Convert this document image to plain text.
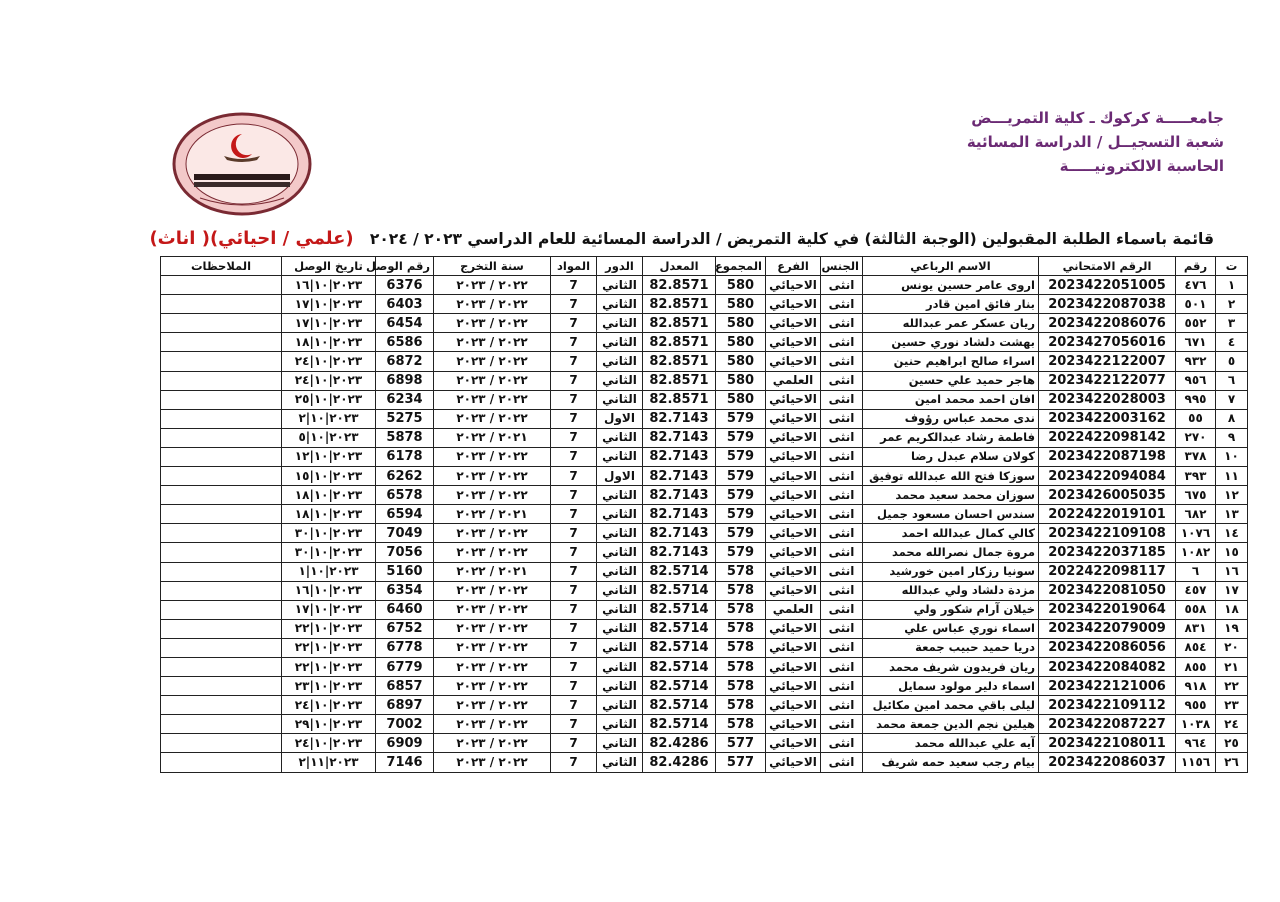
جامعـــــة كركوك ـ كلية التمريـــض
شعبة التسجيــل / الدراسة المسائية
الحاسبة الالكترونيـــــة
قائمة باسماء الطلبة المقبولين (الوجبة الثالثة) في كلية التمريض / الدراسة المسائية للعام الدراسي ٢٠٢٣ / ٢٠٢٤   (علمي / احيائي)( اناث)
ت	رقم	الرقم الامتحاني	الاسم الرباعي	الجنس	الفرع	المجموع	المعدل	الدور	المواد	سنة التخرج	رقم الوصل	تاريخ الوصل	الملاحظات
١	٤٧٦	2023422051005	اروى عامر حسين يونس	انثى	الاحيائي	580	82.8571	الثاني	7	٢٠٢٢ / ٢٠٢٣	6376	٢٠٢٣|١٠|١٦	
٢	٥٠١	2023422087038	بنار فائق امين قادر	انثى	الاحيائي	580	82.8571	الثاني	7	٢٠٢٢ / ٢٠٢٣	6403	٢٠٢٣|١٠|١٧	
٣	٥٥٢	2023422086076	ريان عسكر عمر عبدالله	انثى	الاحيائي	580	82.8571	الثاني	7	٢٠٢٢ / ٢٠٢٣	6454	٢٠٢٣|١٠|١٧	
٤	٦٧١	2023427056016	بهشت دلشاد نوري حسين	انثى	الاحيائي	580	82.8571	الثاني	7	٢٠٢٢ / ٢٠٢٣	6586	٢٠٢٣|١٠|١٨	
٥	٩٣٢	2023422122007	اسراء صالح ابراهيم حنين	انثى	الاحيائي	580	82.8571	الثاني	7	٢٠٢٢ / ٢٠٢٣	6872	٢٠٢٣|١٠|٢٤	
٦	٩٥٦	2023422122077	هاجر حميد علي حسين	انثى	العلمي	580	82.8571	الثاني	7	٢٠٢٢ / ٢٠٢٣	6898	٢٠٢٣|١٠|٢٤	
٧	٩٩٥	2023422028003	افان احمد محمد امين	انثى	الاحيائي	580	82.8571	الثاني	7	٢٠٢٢ / ٢٠٢٣	6234	٢٠٢٣|١٠|٢٥	
٨	٥٥	2023422003162	ندى محمد عباس رؤوف	انثى	الاحيائي	579	82.7143	الاول	7	٢٠٢٢ / ٢٠٢٣	5275	٢٠٢٣|١٠|٢	
٩	٢٧٠	2022422098142	فاطمة رشاد عبدالكريم عمر	انثى	الاحيائي	579	82.7143	الثاني	7	٢٠٢١ / ٢٠٢٢	5878	٢٠٢٣|١٠|٥	
١٠	٣٧٨	2023422087198	كولان سلام عبدل رضا	انثى	الاحيائي	579	82.7143	الثاني	7	٢٠٢٢ / ٢٠٢٣	6178	٢٠٢٣|١٠|١٢	
١١	٣٩٣	2023422094084	سوزكا فتح الله عبدالله توفيق	انثى	الاحيائي	579	82.7143	الاول	7	٢٠٢٢ / ٢٠٢٣	6262	٢٠٢٣|١٠|١٥	
١٢	٦٧٥	2023426005035	سوزان محمد سعيد محمد	انثى	الاحيائي	579	82.7143	الثاني	7	٢٠٢٢ / ٢٠٢٣	6578	٢٠٢٣|١٠|١٨	
١٣	٦٨٢	2022422019101	سندس احسان مسعود جميل	انثى	الاحيائي	579	82.7143	الثاني	7	٢٠٢١ / ٢٠٢٢	6594	٢٠٢٣|١٠|١٨	
١٤	١٠٧٦	2023422109108	كالي كمال عبدالله احمد	انثى	الاحيائي	579	82.7143	الثاني	7	٢٠٢٢ / ٢٠٢٣	7049	٢٠٢٣|١٠|٣٠	
١٥	١٠٨٢	2023422037185	مروة جمال نصرالله محمد	انثى	الاحيائي	579	82.7143	الثاني	7	٢٠٢٢ / ٢٠٢٣	7056	٢٠٢٣|١٠|٣٠	
١٦	٦	2022422098117	سونيا رزكار امين خورشيد	انثى	الاحيائي	578	82.5714	الثاني	7	٢٠٢١ / ٢٠٢٢	5160	٢٠٢٣|١٠|١	
١٧	٤٥٧	2023422081050	مزدة دلشاد ولي عبدالله	انثى	الاحيائي	578	82.5714	الثاني	7	٢٠٢٢ / ٢٠٢٣	6354	٢٠٢٣|١٠|١٦	
١٨	٥٥٨	2023422019064	خيلان آرام شكور ولي	انثى	العلمي	578	82.5714	الثاني	7	٢٠٢٢ / ٢٠٢٣	6460	٢٠٢٣|١٠|١٧	
١٩	٨٣١	2023422079009	اسماء نوري عباس علي	انثى	الاحيائي	578	82.5714	الثاني	7	٢٠٢٢ / ٢٠٢٣	6752	٢٠٢٣|١٠|٢٢	
٢٠	٨٥٤	2023422086056	دريا حميد حبيب جمعة	انثى	الاحيائي	578	82.5714	الثاني	7	٢٠٢٢ / ٢٠٢٣	6778	٢٠٢٣|١٠|٢٢	
٢١	٨٥٥	2023422084082	ريان فريدون شريف محمد	انثى	الاحيائي	578	82.5714	الثاني	7	٢٠٢٢ / ٢٠٢٣	6779	٢٠٢٣|١٠|٢٢	
٢٢	٩١٨	2023422121006	اسماء دلير مولود سمايل	انثى	الاحيائي	578	82.5714	الثاني	7	٢٠٢٢ / ٢٠٢٣	6857	٢٠٢٣|١٠|٢٣	
٢٣	٩٥٥	2023422109112	ليلى باقي محمد امين مكائيل	انثى	الاحيائي	578	82.5714	الثاني	7	٢٠٢٢ / ٢٠٢٣	6897	٢٠٢٣|١٠|٢٤	
٢٤	١٠٣٨	2023422087227	هيلين نجم الدين جمعة محمد	انثى	الاحيائي	578	82.5714	الثاني	7	٢٠٢٢ / ٢٠٢٣	7002	٢٠٢٣|١٠|٢٩	
٢٥	٩٦٤	2023422108011	آيه علي عبدالله محمد	انثى	الاحيائي	577	82.4286	الثاني	7	٢٠٢٢ / ٢٠٢٣	6909	٢٠٢٣|١٠|٢٤	
٢٦	١١٥٦	2023422086037	بيام رجب سعيد حمه شريف	انثى	الاحيائي	577	82.4286	الثاني	7	٢٠٢٢ / ٢٠٢٣	7146	٢٠٢٣|١١|٢	
